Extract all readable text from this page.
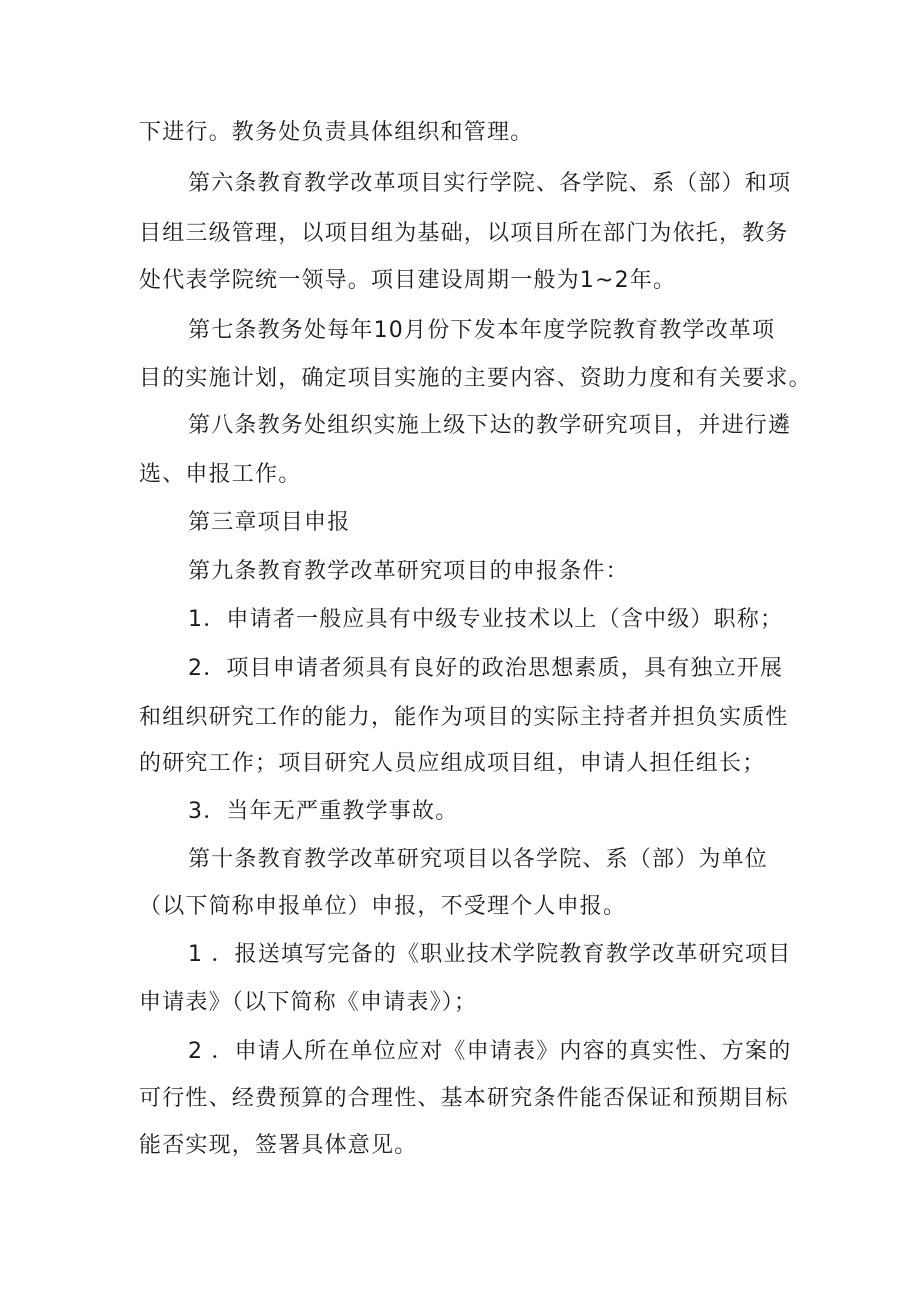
下进行。教务处负责具体组织和管理。
第六条教育教学改革项目实行学院、各学院、系（部）和项
目组三级管理，以项目组为基础，以项目所在部门为依托，教务
处代表学院统一领导。项目建设周期一般为1~2年。
第七条教务处每年10月份下发本年度学院教育教学改革项
目的实施计划，确定项目实施的主要内容、资助力度和有关要求。
第八条教务处组织实施上级下达的教学研究项目，并进行遴
选、申报工作。
第三章项目申报
第九条教育教学改革研究项目的申报条件：
1．申请者一般应具有中级专业技术以上（含中级）职称；
2．项目申请者须具有良好的政治思想素质，具有独立开展
和组织研究工作的能力，能作为项目的实际主持者并担负实质性
的研究工作；项目研究人员应组成项目组，申请人担任组长；
3．当年无严重教学事故。
第十条教育教学改革研究项目以各学院、系（部）为单位
（以下简称申报单位）申报，不受理个人申报。
1 ．报送填写完备的《职业技术学院教育教学改革研究项目
申请表》（以下简称《申请表》）；
2 ．申请人所在单位应对《申请表》内容的真实性、方案的
可行性、经费预算的合理性、基本研究条件能否保证和预期目标
能否实现，签署具体意见。
